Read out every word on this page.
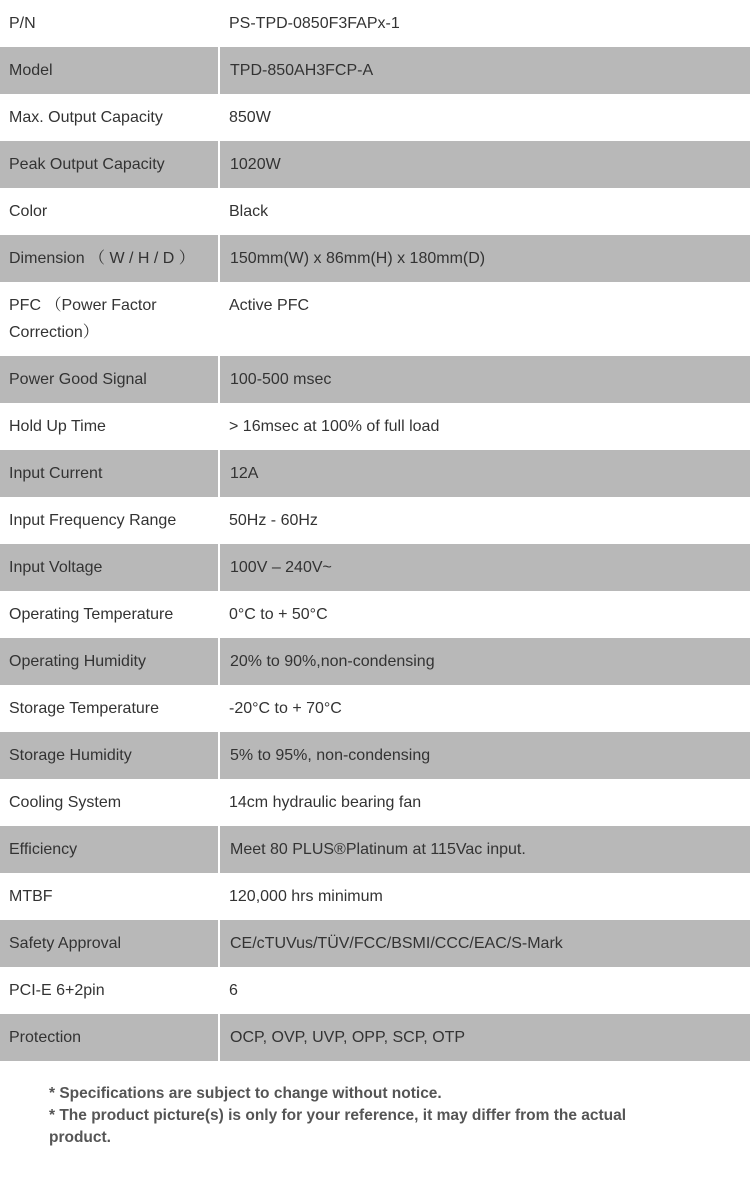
P/N	PS-TPD-0850F3FAPx-1
Model	TPD-850AH3FCP-A
Max. Output Capacity	850W
Peak Output Capacity	1020W
Color	Black
Dimension （ W / H / D ）	150mm(W) x 86mm(H) x 180mm(D)
PFC （Power Factor Correction）	Active PFC
Power Good Signal	100-500 msec
Hold Up Time	> 16msec at 100% of full load
Input Current	12A
Input Frequency Range	50Hz - 60Hz
Input Voltage	100V – 240V~
Operating Temperature	0°C to + 50°C
Operating Humidity	20% to 90%,non-condensing
Storage Temperature	-20°C to + 70°C
Storage Humidity	5% to 95%, non-condensing
Cooling System	14cm hydraulic bearing fan
Efficiency	Meet 80 PLUS®Platinum at 115Vac input.
MTBF	120,000 hrs minimum
Safety Approval	CE/cTUVus/TÜV/FCC/BSMI/CCC/EAC/S-Mark
PCI-E 6+2pin	6
Protection	OCP, OVP, UVP, OPP, SCP, OTP

* Specifications are subject to change without notice.

* The product picture(s) is only for your reference, it may differ from the actual product.
